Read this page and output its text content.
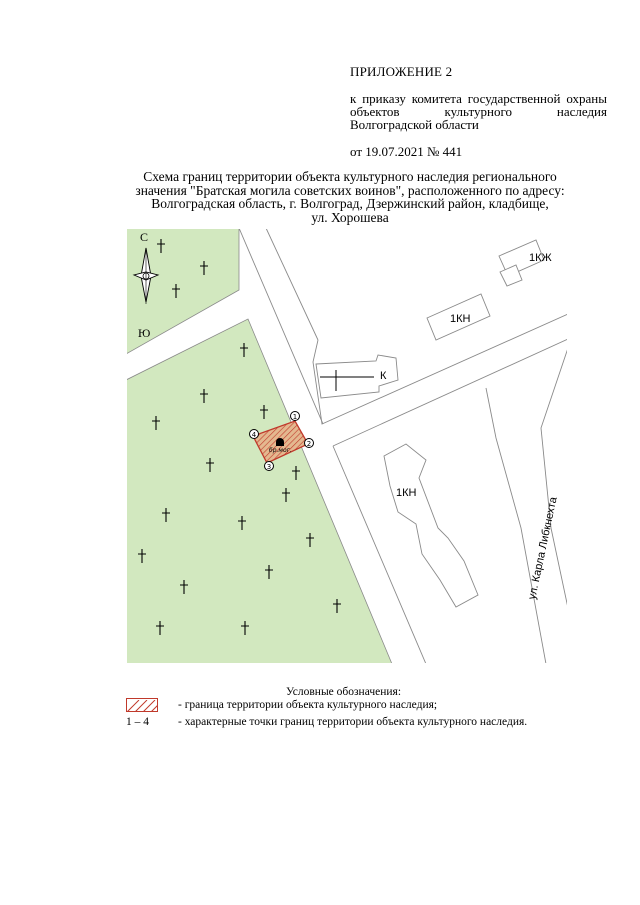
ПРИЛОЖЕНИЕ 2
к приказу комитета государственной охраны объектов культурного наследия Волгоградской области
от 19.07.2021 № 441
Схема границ территории объекта культурного наследия регионального
значения "Братская могила советских воинов", расположенного по адресу:
Волгоградская область, г. Волгоград, Дзержинский район, кладбище,
ул. Хорошева
1КЖ
1КН
К
1КН
ул. Карла Либкнехта
С
Ю
бр.мог.
1
2
3
4
Условные обозначения:
- граница территории объекта культурного наследия;
1 – 4	- характерные точки границ территории объекта культурного наследия.
